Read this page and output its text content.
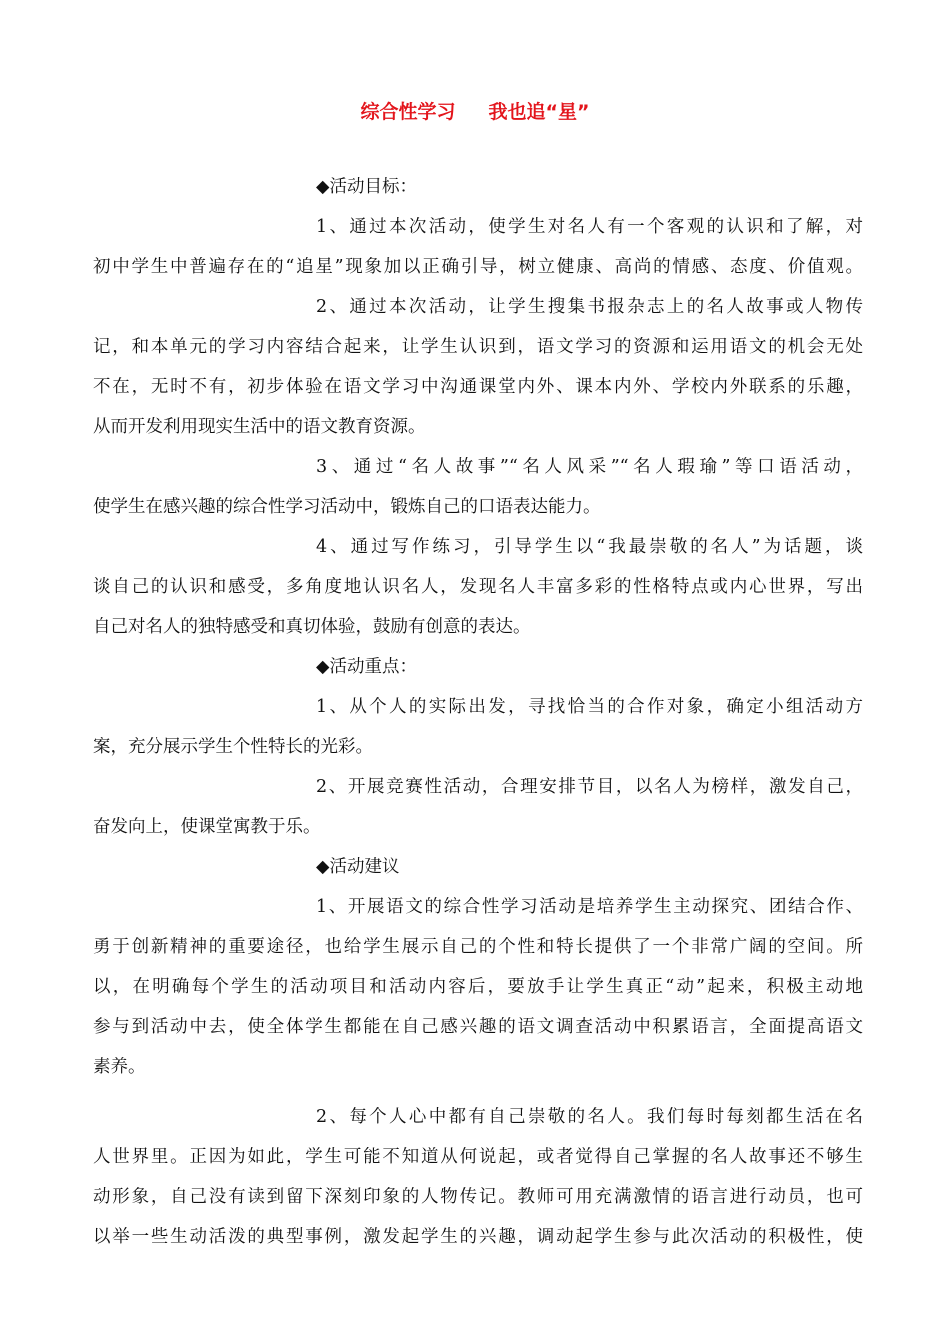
综合性学习     我也追“星”
◆活动目标：
1、通过本次活动，使学生对名人有一个客观的认识和了解，对
初中学生中普遍存在的“追星”现象加以正确引导，树立健康、高尚的情感、态度、价值观。
2、通过本次活动，让学生搜集书报杂志上的名人故事或人物传
记，和本单元的学习内容结合起来，让学生认识到，语文学习的资源和运用语文的机会无处
不在，无时不有，初步体验在语文学习中沟通课堂内外、课本内外、学校内外联系的乐趣，
从而开发利用现实生活中的语文教育资源。
3、通过“名人故事”“名人风采”“名人瑕瑜”等口语活动，
使学生在感兴趣的综合性学习活动中，锻炼自己的口语表达能力。
4、通过写作练习，引导学生以“我最崇敬的名人”为话题，谈
谈自己的认识和感受，多角度地认识名人，发现名人丰富多彩的性格特点或内心世界，写出
自己对名人的独特感受和真切体验，鼓励有创意的表达。
◆活动重点：
1、从个人的实际出发，寻找恰当的合作对象，确定小组活动方
案，充分展示学生个性特长的光彩。
2、开展竞赛性活动，合理安排节目，以名人为榜样，激发自己，
奋发向上，使课堂寓教于乐。
◆活动建议
1、开展语文的综合性学习活动是培养学生主动探究、团结合作、
勇于创新精神的重要途径，也给学生展示自己的个性和特长提供了一个非常广阔的空间。所
以，在明确每个学生的活动项目和活动内容后，要放手让学生真正“动”起来，积极主动地
参与到活动中去，使全体学生都能在自己感兴趣的语文调查活动中积累语言，全面提高语文
素养。
2、每个人心中都有自己崇敬的名人。我们每时每刻都生活在名
人世界里。正因为如此，学生可能不知道从何说起，或者觉得自己掌握的名人故事还不够生
动形象，自己没有读到留下深刻印象的人物传记。教师可用充满激情的语言进行动员，也可
以举一些生动活泼的典型事例，激发起学生的兴趣，调动起学生参与此次活动的积极性，使
